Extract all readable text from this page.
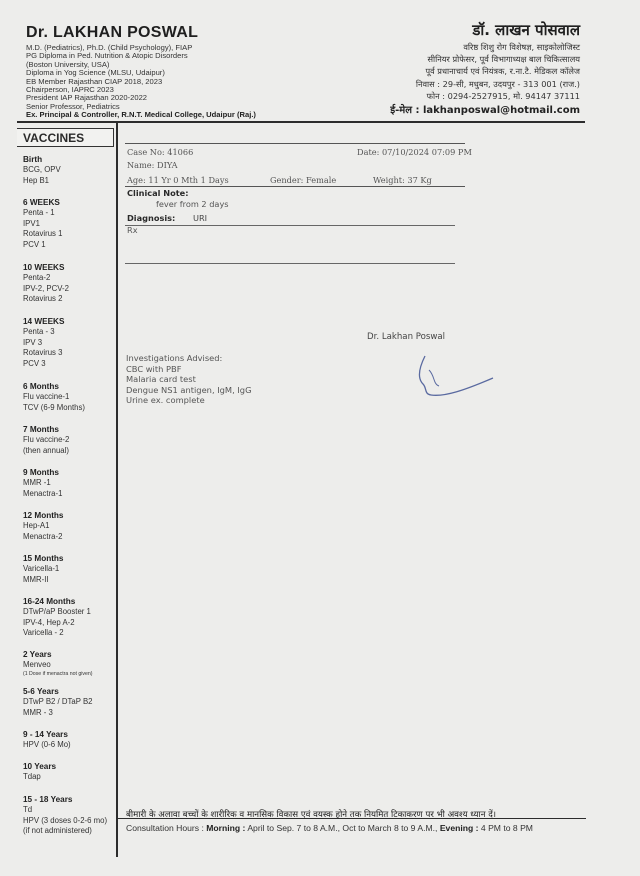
Dr. LAKHAN POSWAL
M.D. (Pediatrics), Ph.D. (Child Psychology), FIAP
PG Diploma in Ped. Nutrition & Atopic Disorders
(Boston University, USA)
Diploma in Yog Science (MLSU, Udaipur)
EB Member Rajasthan CIAP 2018, 2023
Chairperson, IAPRC 2023
President IAP Rajasthan 2020-2022
Senior Professor, Pediatrics
Ex. Principal & Controller, R.N.T. Medical College, Udaipur (Raj.)
डॉ. लाखन पोसवाल
वरिष्ठ शिशु रोग विशेषज्ञ, साइकोलोजिस्ट
सीनियर प्रोफेसर, पूर्व विभागाध्यक्ष बाल चिकित्सालय
पूर्व प्रधानाचार्य एवं नियंत्रक, र.ना.टै. मेडिकल कॉलेज
निवास : 29-सी, मधुबन, उदयपुर - 313 001 (राज.)
फोन : 0294-2527915, मो. 94147 37111
ई-मेल : lakhanposwal@hotmail.com
VACCINES
Birth
BCG, OPV
Hep B1
6 WEEKS
Penta - 1
IPV1
Rotavirus 1
PCV 1
10 WEEKS
Penta-2
IPV-2, PCV-2
Rotavirus 2
14 WEEKS
Penta - 3
IPV 3
Rotavirus 3
PCV 3
6 Months
Flu vaccine-1
TCV (6-9 Months)
7 Months
Flu vaccine-2
(then annual)
9 Months
MMR -1
Menactra-1
12 Months
Hep-A1
Menactra-2
15 Months
Varicella-1
MMR-II
16-24 Months
DTwP/aP Booster 1
IPV-4, Hep A-2
Varicella - 2
2 Years
Menveo
(1 Dose if menactra not given)
5-6 Years
DTwP B2 / DTaP B2
MMR - 3
9 - 14 Years
HPV (0-6 Mo)
10 Years
Tdap
15 - 18 Years
Td
HPV (3 doses 0-2-6 mo)
(if not administered)
Case No: 41066	Date: 07/10/2024 07:09 PM
Name: DIYA
Age: 11 Yr 0 Mth 1 Days	Gender: Female	Weight: 37 Kg
Clinical Note:
fever from 2 days
Diagnosis: URI
Rx
Dr. Lakhan Poswal
Investigations Advised:
CBC with PBF
Malaria card test
Dengue NS1 antigen, IgM, IgG
Urine ex. complete
बीमारी के अलावा बच्चों के शारीरिक व मानसिक विकास एवं वयस्क होने तक नियमित टिकाकरण पर भी अवश्य ध्यान दें।
Consultation Hours : Morning : April to Sep. 7 to 8 A.M., Oct to March 8 to 9 A.M., Evening : 4 PM to 8 PM
